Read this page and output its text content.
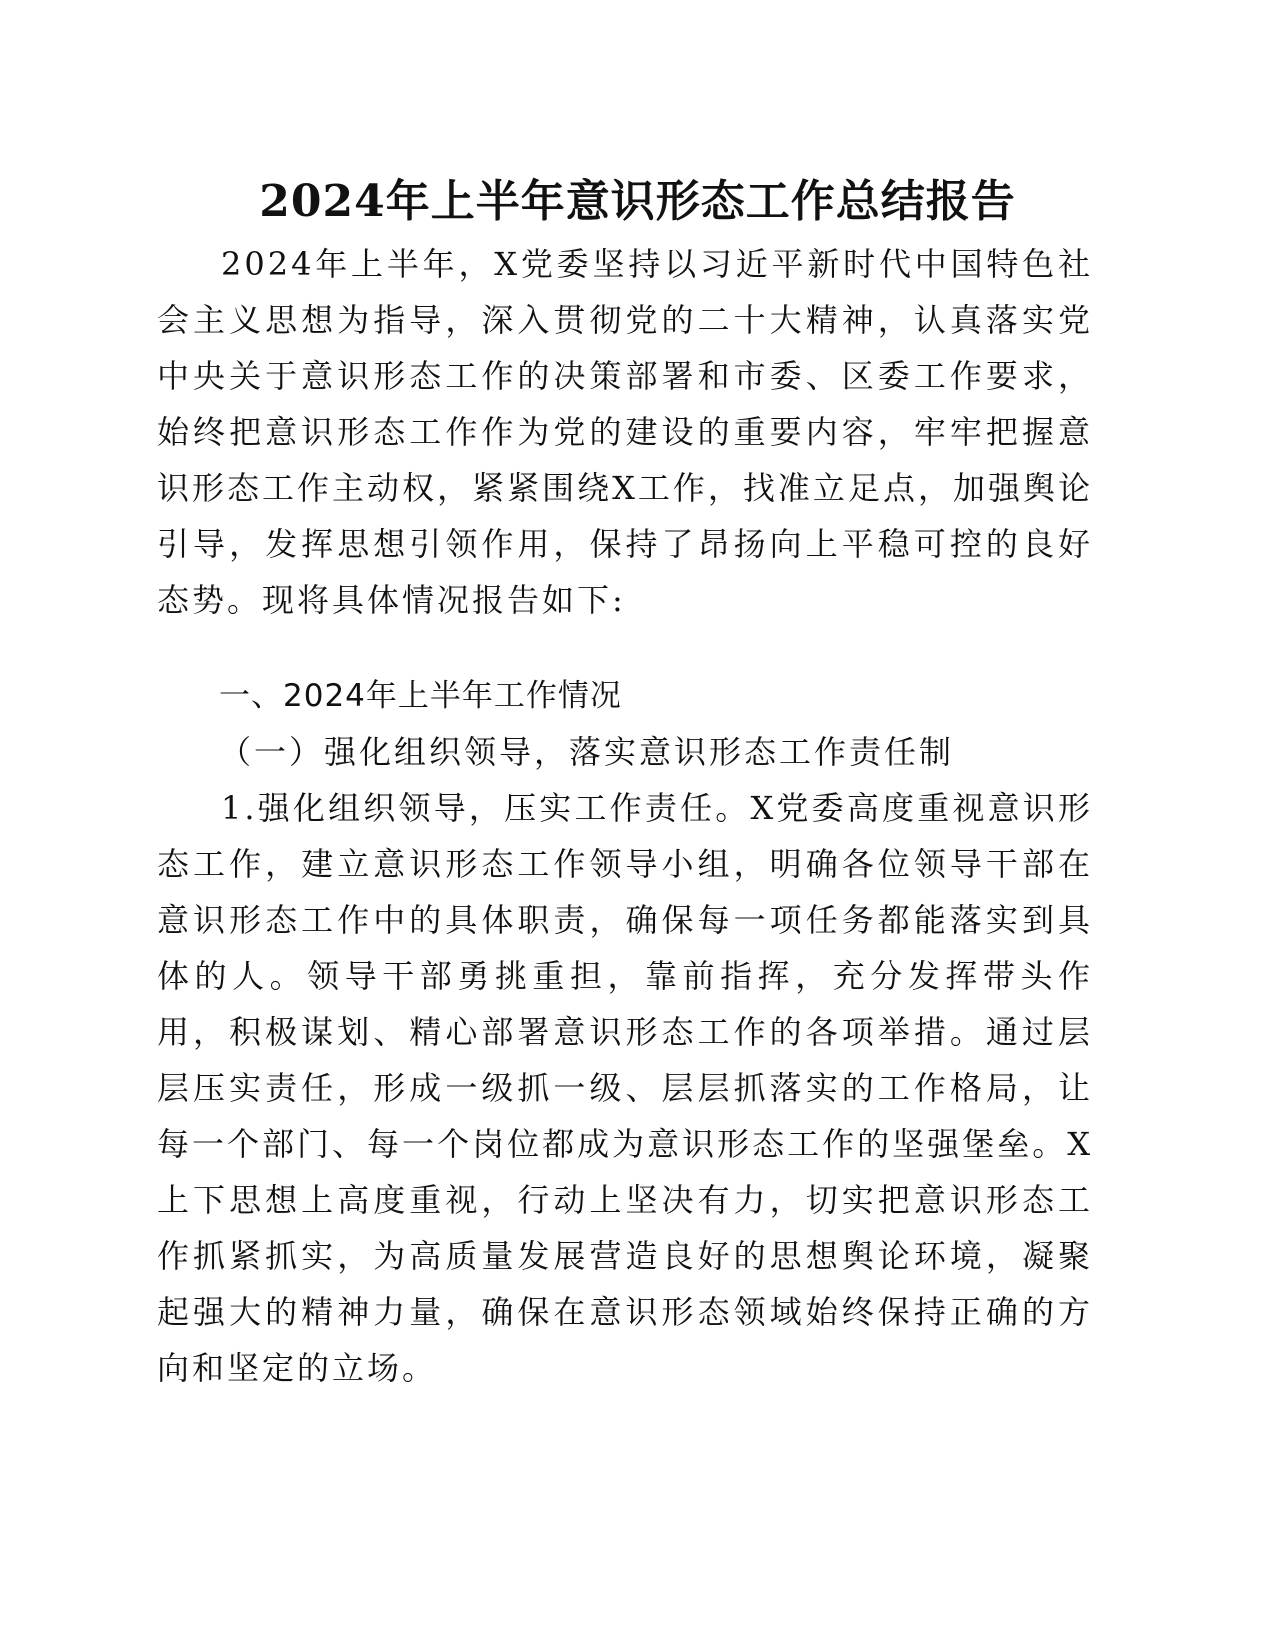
2024年上半年意识形态工作总结报告
2024年上半年，X党委坚持以习近平新时代中国特色社会主义思想为指导，深入贯彻党的二十大精神，认真落实党中央关于意识形态工作的决策部署和市委、区委工作要求，始终把意识形态工作作为党的建设的重要内容，牢牢把握意识形态工作主动权，紧紧围绕X工作，找准立足点，加强舆论引导，发挥思想引领作用，保持了昂扬向上平稳可控的良好态势。现将具体情况报告如下:
一、2024年上半年工作情况
（一）强化组织领导，落实意识形态工作责任制
1.强化组织领导，压实工作责任。X党委高度重视意识形态工作，建立意识形态工作领导小组，明确各位领导干部在意识形态工作中的具体职责，确保每一项任务都能落实到具体的人。领导干部勇挑重担，靠前指挥，充分发挥带头作用，积极谋划、精心部署意识形态工作的各项举措。通过层层压实责任，形成一级抓一级、层层抓落实的工作格局，让每一个部门、每一个岗位都成为意识形态工作的坚强堡垒。X上下思想上高度重视，行动上坚决有力，切实把意识形态工作抓紧抓实，为高质量发展营造良好的思想舆论环境，凝聚起强大的精神力量，确保在意识形态领域始终保持正确的方向和坚定的立场。
